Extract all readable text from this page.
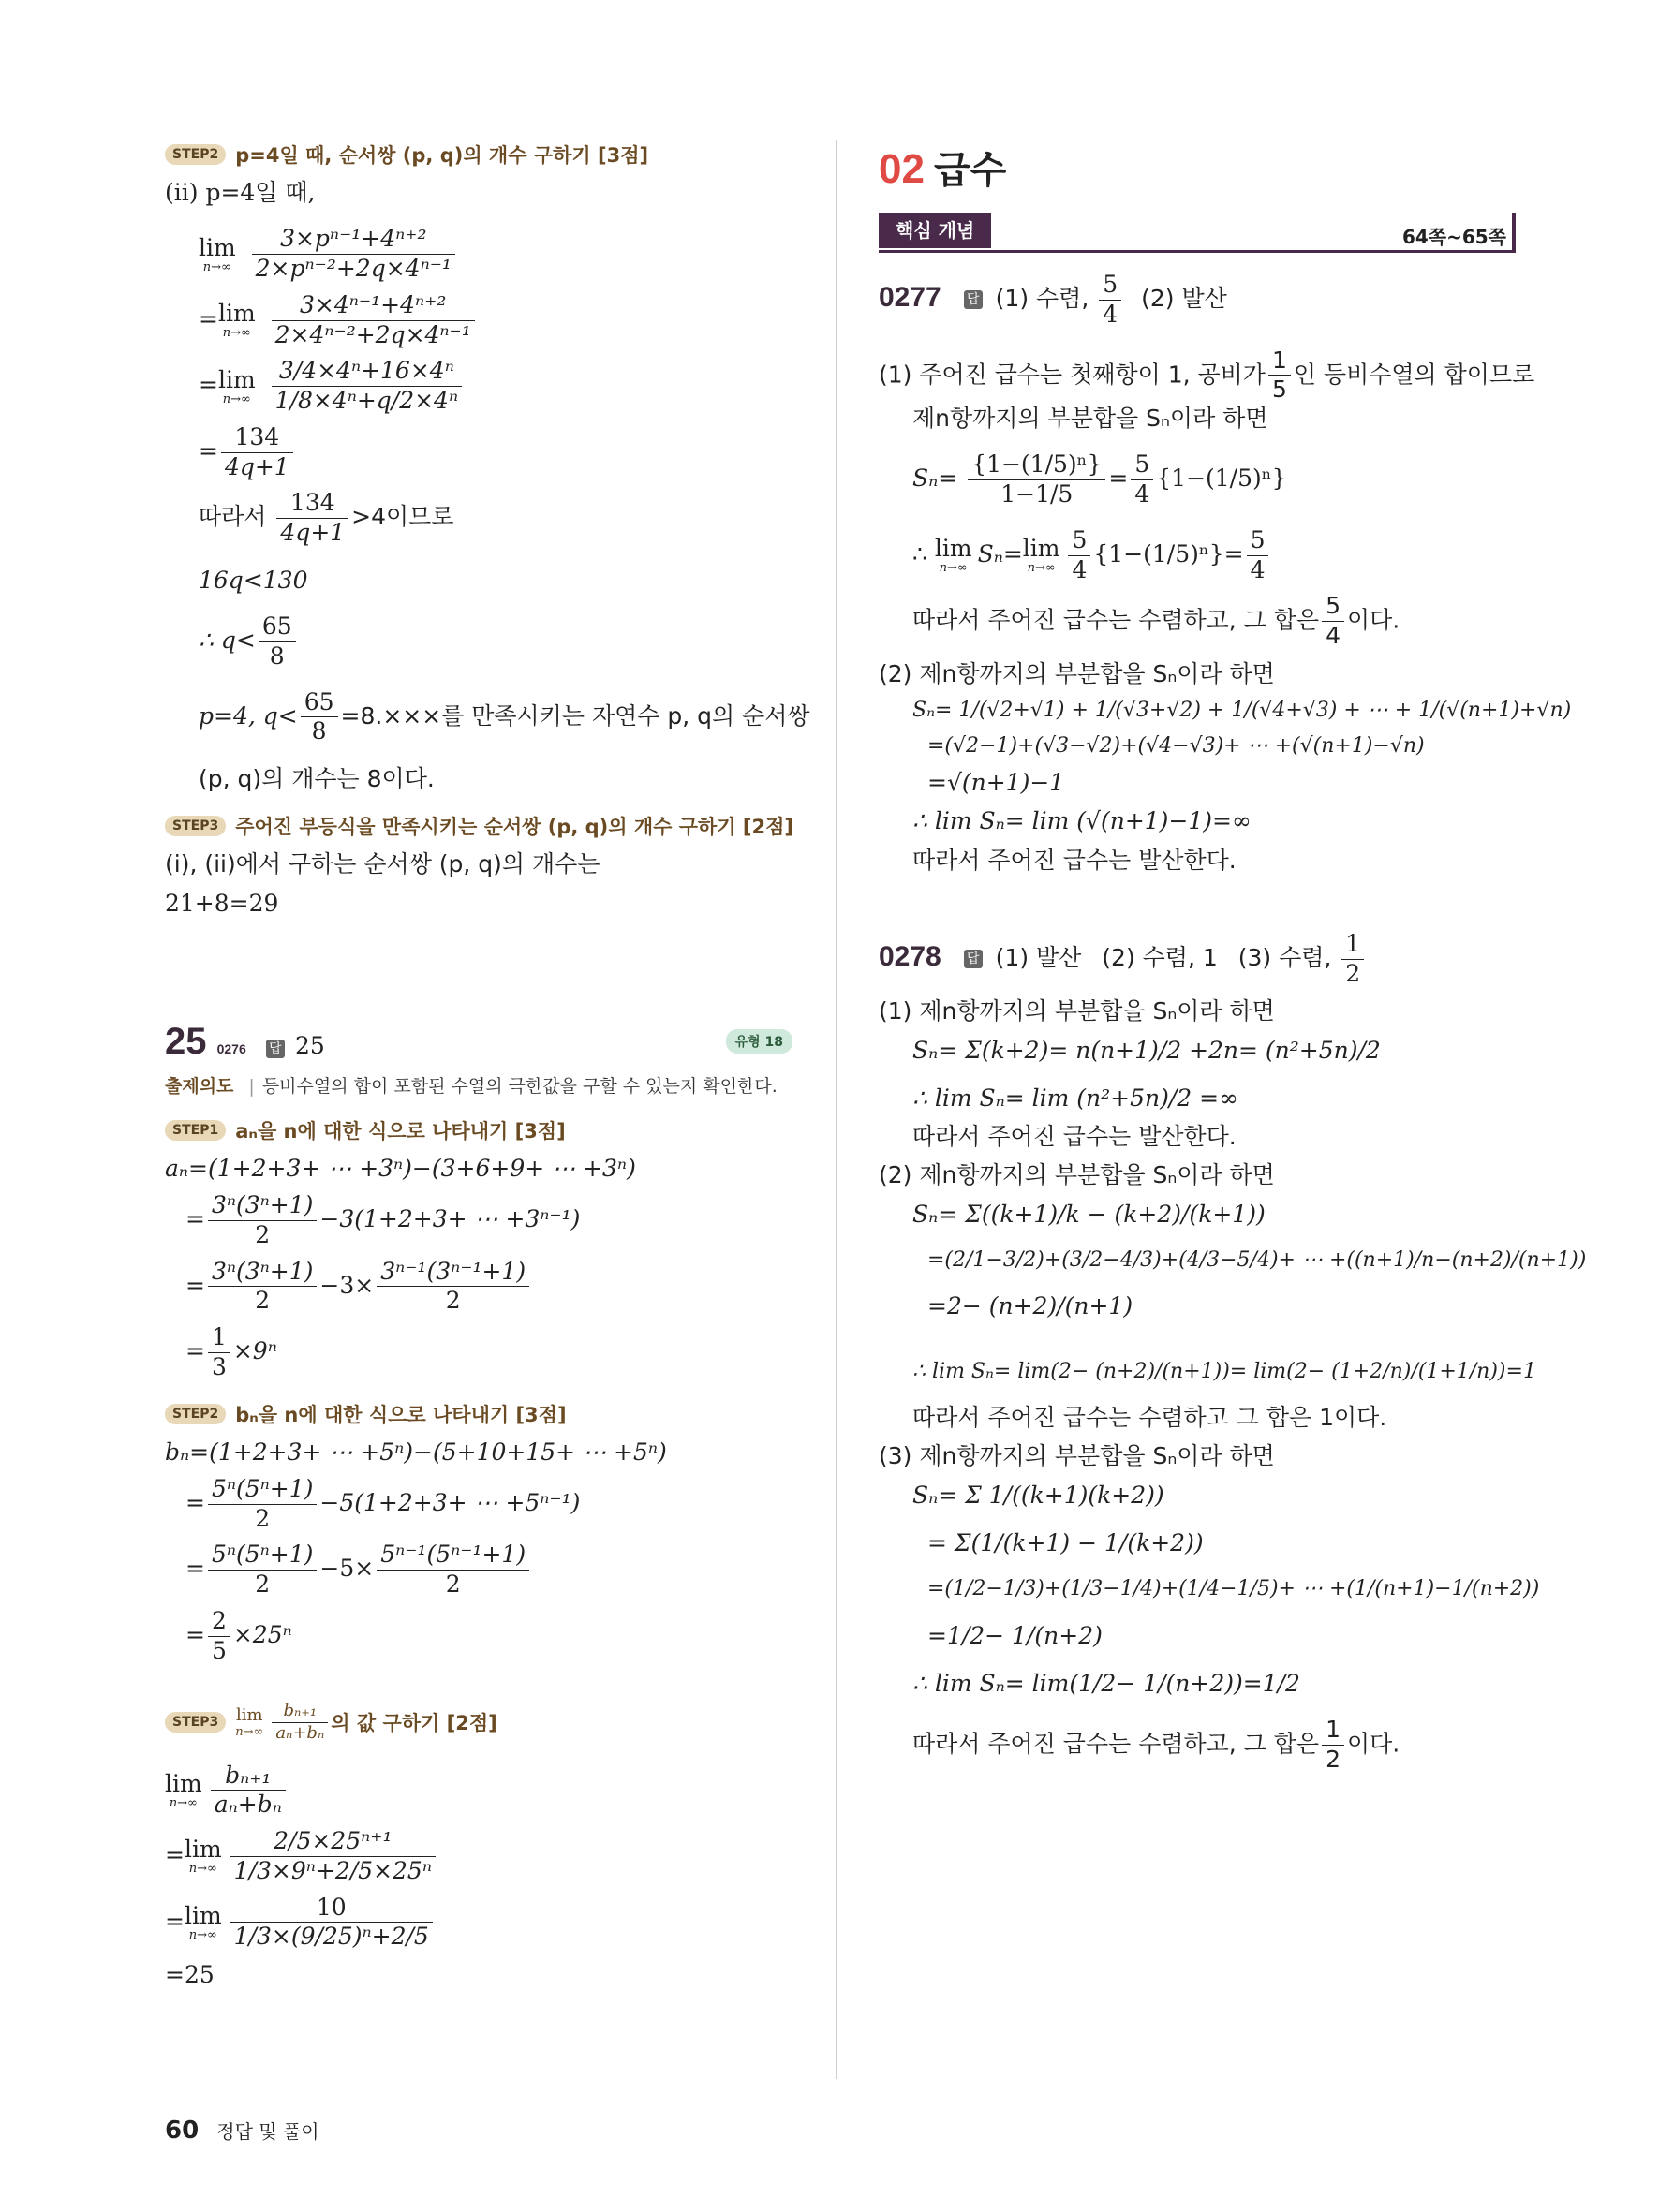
STEP2 p=4일 때, 순서쌍 (p, q)의 개수 구하기 [3점]

(ii) p=4일 때,

lim
n→∞
$\frac{\text{3×pⁿ⁻¹+4ⁿ⁺²}}{\text{2×pⁿ⁻²+2q×4ⁿ⁻¹}}$
=lim
n→∞
$\frac{\text{3×4ⁿ⁻¹+4ⁿ⁺²}}{\text{2×4ⁿ⁻²+2q×4ⁿ⁻¹}}$
=lim
n→∞
$\frac{\text{3/4×4ⁿ+16×4ⁿ}}{\text{1/8×4ⁿ+q/2×4ⁿ}}$
= $\frac{134}{4q+1}$
따라서 $\frac{134}{4q+1} >4$이므로

16q<130

∴ $q< \frac{65}{8}$
p=4, $q< \frac{65}{8} =8.\times\times\times$를 만족시키는 자연수 p, q의 순서쌍

(p, q)의 개수는 8이다.

STEP3 주어진 부등식을 만족시키는 순서쌍 (p, q)의 개수 구하기 [2점]

(i), (ii)에서 구하는 순서쌍 (p, q)의 개수는

21+8=29

25 0276 답 25	유형 18
출제의도 | 등비수열의 합이 포함된 수열의 극한값을 구할 수 있는지 확인한다.
STEP1 aₙ을 n에 대한 식으로 나타내기 [3점]

aₙ=(1+2+3+ ⋯ +3ⁿ)−(3+6+9+ ⋯ +3ⁿ)

= $\frac{\text{3ⁿ(3ⁿ+1)}}{2} -3(1+2+3+$ ⋯ +3ⁿ⁻¹)
= $\frac{\text{3ⁿ(3ⁿ+1)}}{2} -3\times \frac{\text{3ⁿ⁻¹(3ⁿ⁻¹+1)}}{2}$
= $\frac{1}{3} \times 9^n$
STEP2 bₙ을 n에 대한 식으로 나타내기 [3점]

bₙ=(1+2+3+ ⋯ +5ⁿ)−(5+10+15+ ⋯ +5ⁿ)

= $\frac{\text{5ⁿ(5ⁿ+1)}}{2} -5(1+2+3+$ ⋯ +5ⁿ⁻¹)
= $\frac{\text{5ⁿ(5ⁿ+1)}}{2} -5\times \frac{\text{5ⁿ⁻¹(5ⁿ⁻¹+1)}}{2}$
= $\frac{2}{5} \times 25^n$
STEP3	lim
$n\to\infty \frac{\text{bₙ₊₁}}{\text{aₙ+bₙ}}$ 의 값 구하기 [2점]
lim
$n\to\infty \frac{\text{bₙ₊₁}}{\text{aₙ+bₙ}}$
=lim
$n\to\infty \frac{\text{2/5×25ⁿ⁺¹}}{\text{1/3×9ⁿ+2/5×25ⁿ}}$
=lim
$n\to\infty \frac{10}{\text{1/3×(9/25)ⁿ+2/5}}$

=25

02 급수
핵심 개념	64쪽~65쪽
0277 답 (1) 수렴, $\frac{5}{4} (2)$ 발산
(1) 주어진 급수는 첫째항이 1, 공비가 $\frac{1}{5}$ 인 등비수열의 합이므로

제n항까지의 부분합을 Sₙ이라 하면

$S_n= \frac{\text{\{1−(1/5)ⁿ\}}}{1-1/5} = \frac{5}{4} \{1-(1/5)^n\}$
∴ lim
n→∞
Sₙ=lim
$n\to\infty \frac{5}{4} \{1-(1/5)^n\}= \frac{5}{4}$
따라서 주어진 급수는 수렴하고, 그 합은 $\frac{5}{4}$ 이다.

(2) 제n항까지의 부분합을 Sₙ이라 하면

Sₙ= 1/(√2+√1) + 1/(√3+√2) + 1/(√4+√3) + ⋯ + 1/(√(n+1)+√n)

=(√2−1)+(√3−√2)+(√4−√3)+ ⋯ +(√(n+1)−√n)

=√(n+1)−1

∴ lim Sₙ= lim (√(n+1)−1)=∞

따라서 주어진 급수는 발산한다.

0278 답 (1) 발산 (2) 수렴, 1 (3) 수렴, $\frac{1}{2}$

(1) 제n항까지의 부분합을 Sₙ이라 하면

Sₙ= Σ(k+2)= n(n+1)/2 +2n= (n²+5n)/2

∴ lim Sₙ= lim (n²+5n)/2 =∞

따라서 주어진 급수는 발산한다.

(2) 제n항까지의 부분합을 Sₙ이라 하면

Sₙ= Σ((k+1)/k − (k+2)/(k+1))

=(2/1−3/2)+(3/2−4/3)+(4/3−5/4)+ ⋯ +((n+1)/n−(n+2)/(n+1))

=2− (n+2)/(n+1)

∴ lim Sₙ= lim(2− (n+2)/(n+1))= lim(2− (1+2/n)/(1+1/n))=1

따라서 주어진 급수는 수렴하고 그 합은 1이다.

(3) 제n항까지의 부분합을 Sₙ이라 하면

Sₙ= Σ 1/((k+1)(k+2))

= Σ(1/(k+1) − 1/(k+2))

=(1/2−1/3)+(1/3−1/4)+(1/4−1/5)+ ⋯ +(1/(n+1)−1/(n+2))

=1/2− 1/(n+2)

∴ lim Sₙ= lim(1/2− 1/(n+2))=1/2

따라서 주어진 급수는 수렴하고, 그 합은 $\frac{1}{2}$ 이다.
60 정답 및 풀이
